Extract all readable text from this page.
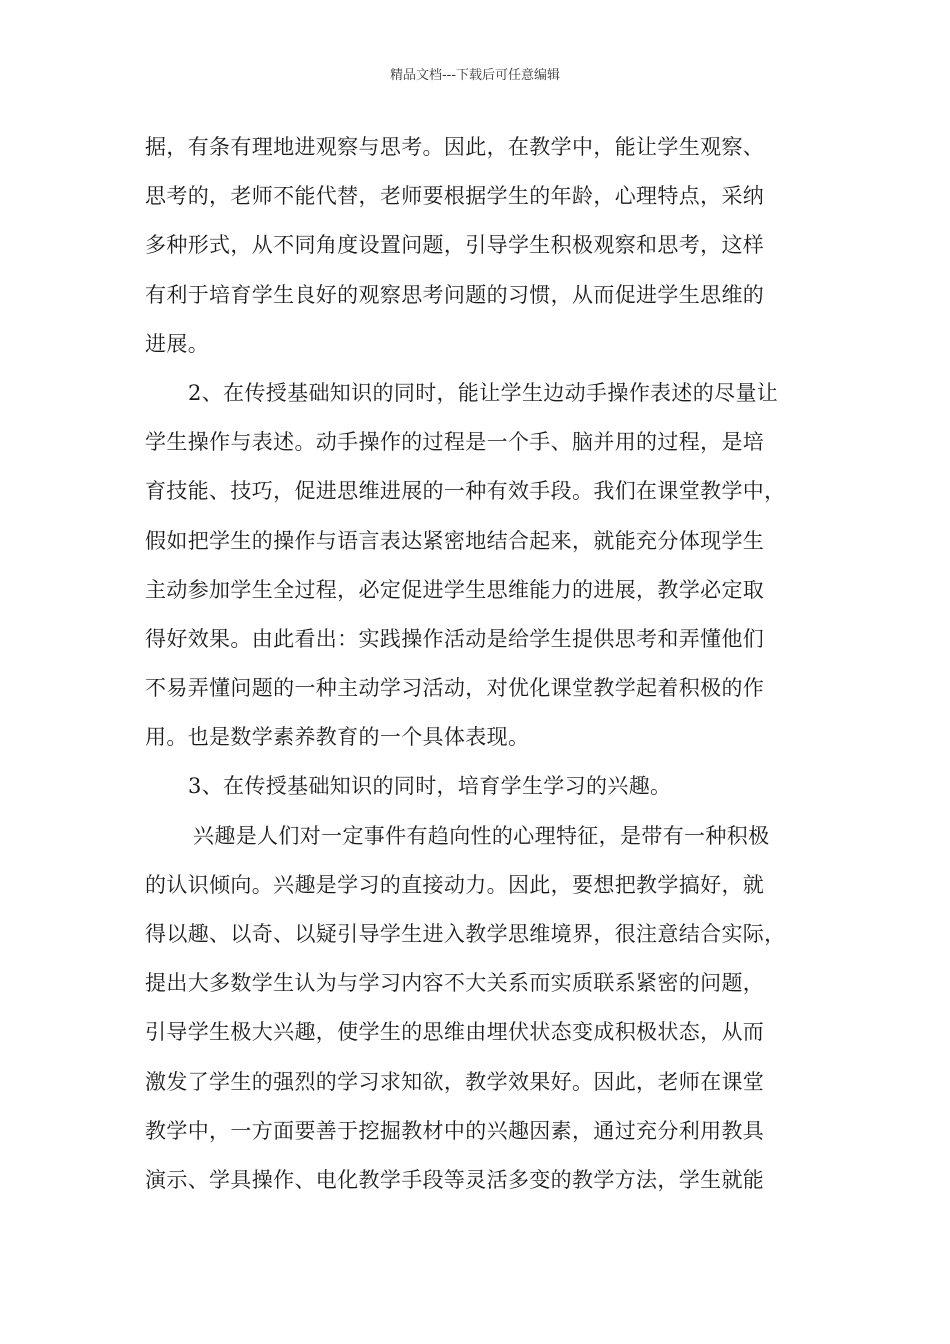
精品文档---下载后可任意编辑
据，有条有理地进观察与思考。因此，在教学中，能让学生观察、
思考的，老师不能代替，老师要根据学生的年龄，心理特点，采纳
多种形式，从不同角度设置问题，引导学生积极观察和思考，这样
有利于培育学生良好的观察思考问题的习惯，从而促进学生思维的
进展。
2、在传授基础知识的同时，能让学生边动手操作表述的尽量让
学生操作与表述。动手操作的过程是一个手、脑并用的过程，是培
育技能、技巧，促进思维进展的一种有效手段。我们在课堂教学中，
假如把学生的操作与语言表达紧密地结合起来，就能充分体现学生
主动参加学生全过程，必定促进学生思维能力的进展，教学必定取
得好效果。由此看出：实践操作活动是给学生提供思考和弄懂他们
不易弄懂问题的一种主动学习活动，对优化课堂教学起着积极的作
用。也是数学素养教育的一个具体表现。
3、在传授基础知识的同时，培育学生学习的兴趣。
兴趣是人们对一定事件有趋向性的心理特征，是带有一种积极
的认识倾向。兴趣是学习的直接动力。因此，要想把教学搞好，就
得以趣、以奇、以疑引导学生进入教学思维境界，很注意结合实际，
提出大多数学生认为与学习内容不大关系而实质联系紧密的问题，
引导学生极大兴趣，使学生的思维由埋伏状态变成积极状态，从而
激发了学生的强烈的学习求知欲，教学效果好。因此，老师在课堂
教学中，一方面要善于挖掘教材中的兴趣因素，通过充分利用教具
演示、学具操作、电化教学手段等灵活多变的教学方法，学生就能
